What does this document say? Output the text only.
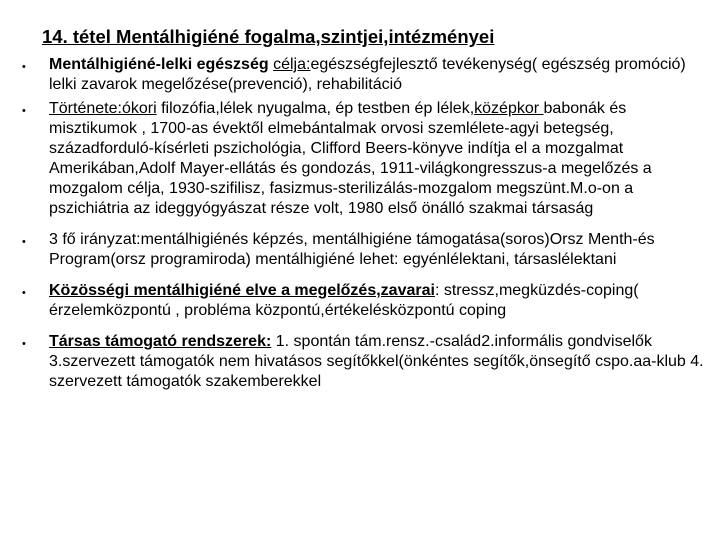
14. tétel Mentálhigiéné fogalma,szintjei,intézményei
• Mentálhigiéné-lelki egészség célja:egészségfejlesztő tevékenység( egészség promóció) lelki zavarok megelőzése(prevenció), rehabilitáció
• Története:ókori filozófia,lélek nyugalma, ép testben ép lélek,középkor babonák és misztikumok , 1700-as évektől elmebántalmak orvosi szemlélete-agyi betegség, századforduló-kísérleti pszichológia, Clifford Beers-könyve indítja el a mozgalmat Amerikában,Adolf Mayer-ellátás és gondozás, 1911-világkongresszus-a megelőzés a mozgalom célja, 1930-szifilisz, fasizmus-sterilizálás-mozgalom megszünt.M.o-on a pszichiátria az ideggyógyászat része volt, 1980 első önálló szakmai társaság
• 3 fő irányzat:mentálhigiénés képzés, mentálhigiéne támogatása(soros)Orsz Menth-és Program(orsz programiroda) mentálhigiéné lehet: egyénlélektani, társaslélektani
• Közösségi mentálhigiéné elve a megelőzés,zavarai: stressz,megküzdés-coping( érzelemközpontú , probléma központú,értékelésközpontú coping
• Társas támogató rendszerek: 1. spontán tám.rensz.-család2.informális gondviselők 3.szervezett támogatók nem hivatásos segítőkkel(önkéntes segítők,önsegítő cspo.aa-klub 4. szervezett támogatók szakemberekkel
